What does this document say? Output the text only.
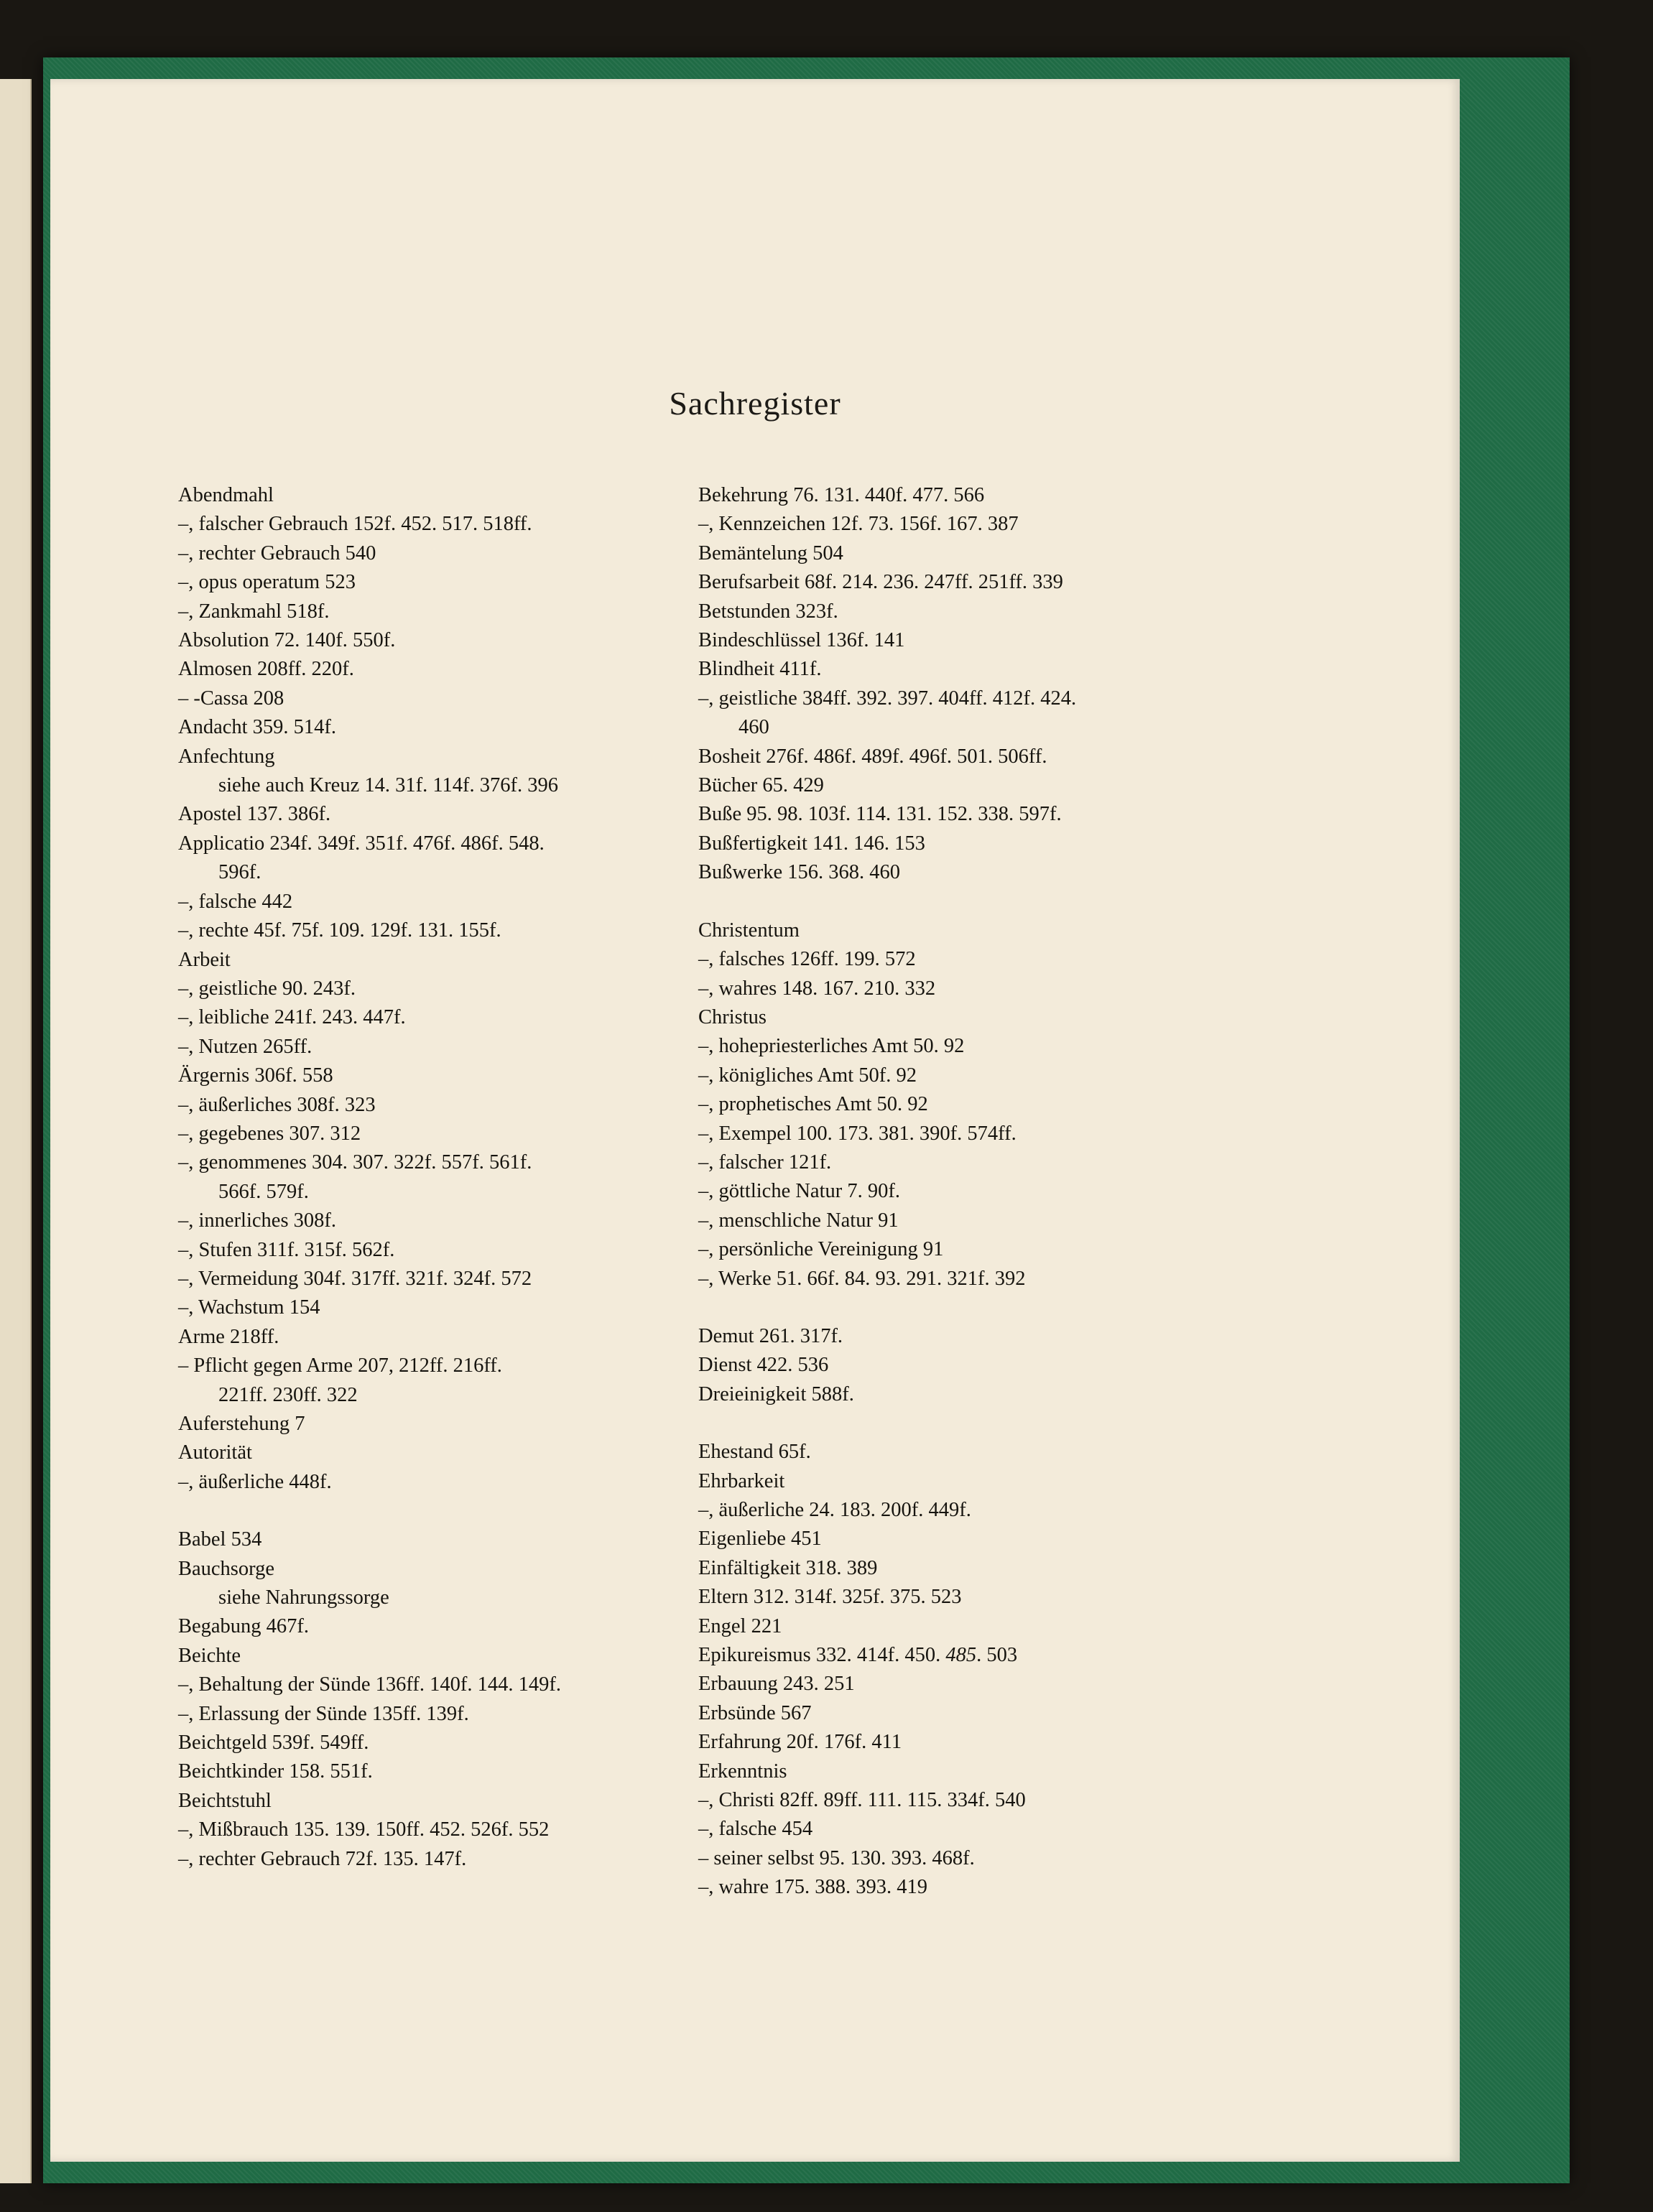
Sachregister
Abendmahl
–, falscher Gebrauch 152f. 452. 517. 518ff.
–, rechter Gebrauch 540
–, opus operatum 523
–, Zankmahl 518f.
Absolution 72. 140f. 550f.
Almosen 208ff. 220f.
– -Cassa 208
Andacht 359. 514f.
Anfechtung
siehe auch Kreuz 14. 31f. 114f. 376f. 396
Apostel 137. 386f.
Applicatio 234f. 349f. 351f. 476f. 486f. 548.
596f.
–, falsche 442
–, rechte 45f. 75f. 109. 129f. 131. 155f.
Arbeit
–, geistliche 90. 243f.
–, leibliche 241f. 243. 447f.
–, Nutzen 265ff.
Ärgernis 306f. 558
–, äußerliches 308f. 323
–, gegebenes 307. 312
–, genommenes 304. 307. 322f. 557f. 561f.
566f. 579f.
–, innerliches 308f.
–, Stufen 311f. 315f. 562f.
–, Vermeidung 304f. 317ff. 321f. 324f. 572
–, Wachstum 154
Arme 218ff.
– Pflicht gegen Arme 207, 212ff. 216ff.
221ff. 230ff. 322
Auferstehung 7
Autorität
–, äußerliche 448f.
Babel 534
Bauchsorge
siehe Nahrungssorge
Begabung 467f.
Beichte
–, Behaltung der Sünde 136ff. 140f. 144. 149f.
–, Erlassung der Sünde 135ff. 139f.
Beichtgeld 539f. 549ff.
Beichtkinder 158. 551f.
Beichtstuhl
–, Mißbrauch 135. 139. 150ff. 452. 526f. 552
–, rechter Gebrauch 72f. 135. 147f.
Bekehrung 76. 131. 440f. 477. 566
–, Kennzeichen 12f. 73. 156f. 167. 387
Bemäntelung 504
Berufsarbeit 68f. 214. 236. 247ff. 251ff. 339
Betstunden 323f.
Bindeschlüssel 136f. 141
Blindheit 411f.
–, geistliche 384ff. 392. 397. 404ff. 412f. 424.
460
Bosheit 276f. 486f. 489f. 496f. 501. 506ff.
Bücher 65. 429
Buße 95. 98. 103f. 114. 131. 152. 338. 597f.
Bußfertigkeit 141. 146. 153
Bußwerke 156. 368. 460
Christentum
–, falsches 126ff. 199. 572
–, wahres 148. 167. 210. 332
Christus
–, hohepriesterliches Amt 50. 92
–, königliches Amt 50f. 92
–, prophetisches Amt 50. 92
–, Exempel 100. 173. 381. 390f. 574ff.
–, falscher 121f.
–, göttliche Natur 7. 90f.
–, menschliche Natur 91
–, persönliche Vereinigung 91
–, Werke 51. 66f. 84. 93. 291. 321f. 392
Demut 261. 317f.
Dienst 422. 536
Dreieinigkeit 588f.
Ehestand 65f.
Ehrbarkeit
–, äußerliche 24. 183. 200f. 449f.
Eigenliebe 451
Einfältigkeit 318. 389
Eltern 312. 314f. 325f. 375. 523
Engel 221
Epikureismus 332. 414f. 450. 485. 503
Erbauung 243. 251
Erbsünde 567
Erfahrung 20f. 176f. 411
Erkenntnis
–, Christi 82ff. 89ff. 111. 115. 334f. 540
–, falsche 454
– seiner selbst 95. 130. 393. 468f.
–, wahre 175. 388. 393. 419
